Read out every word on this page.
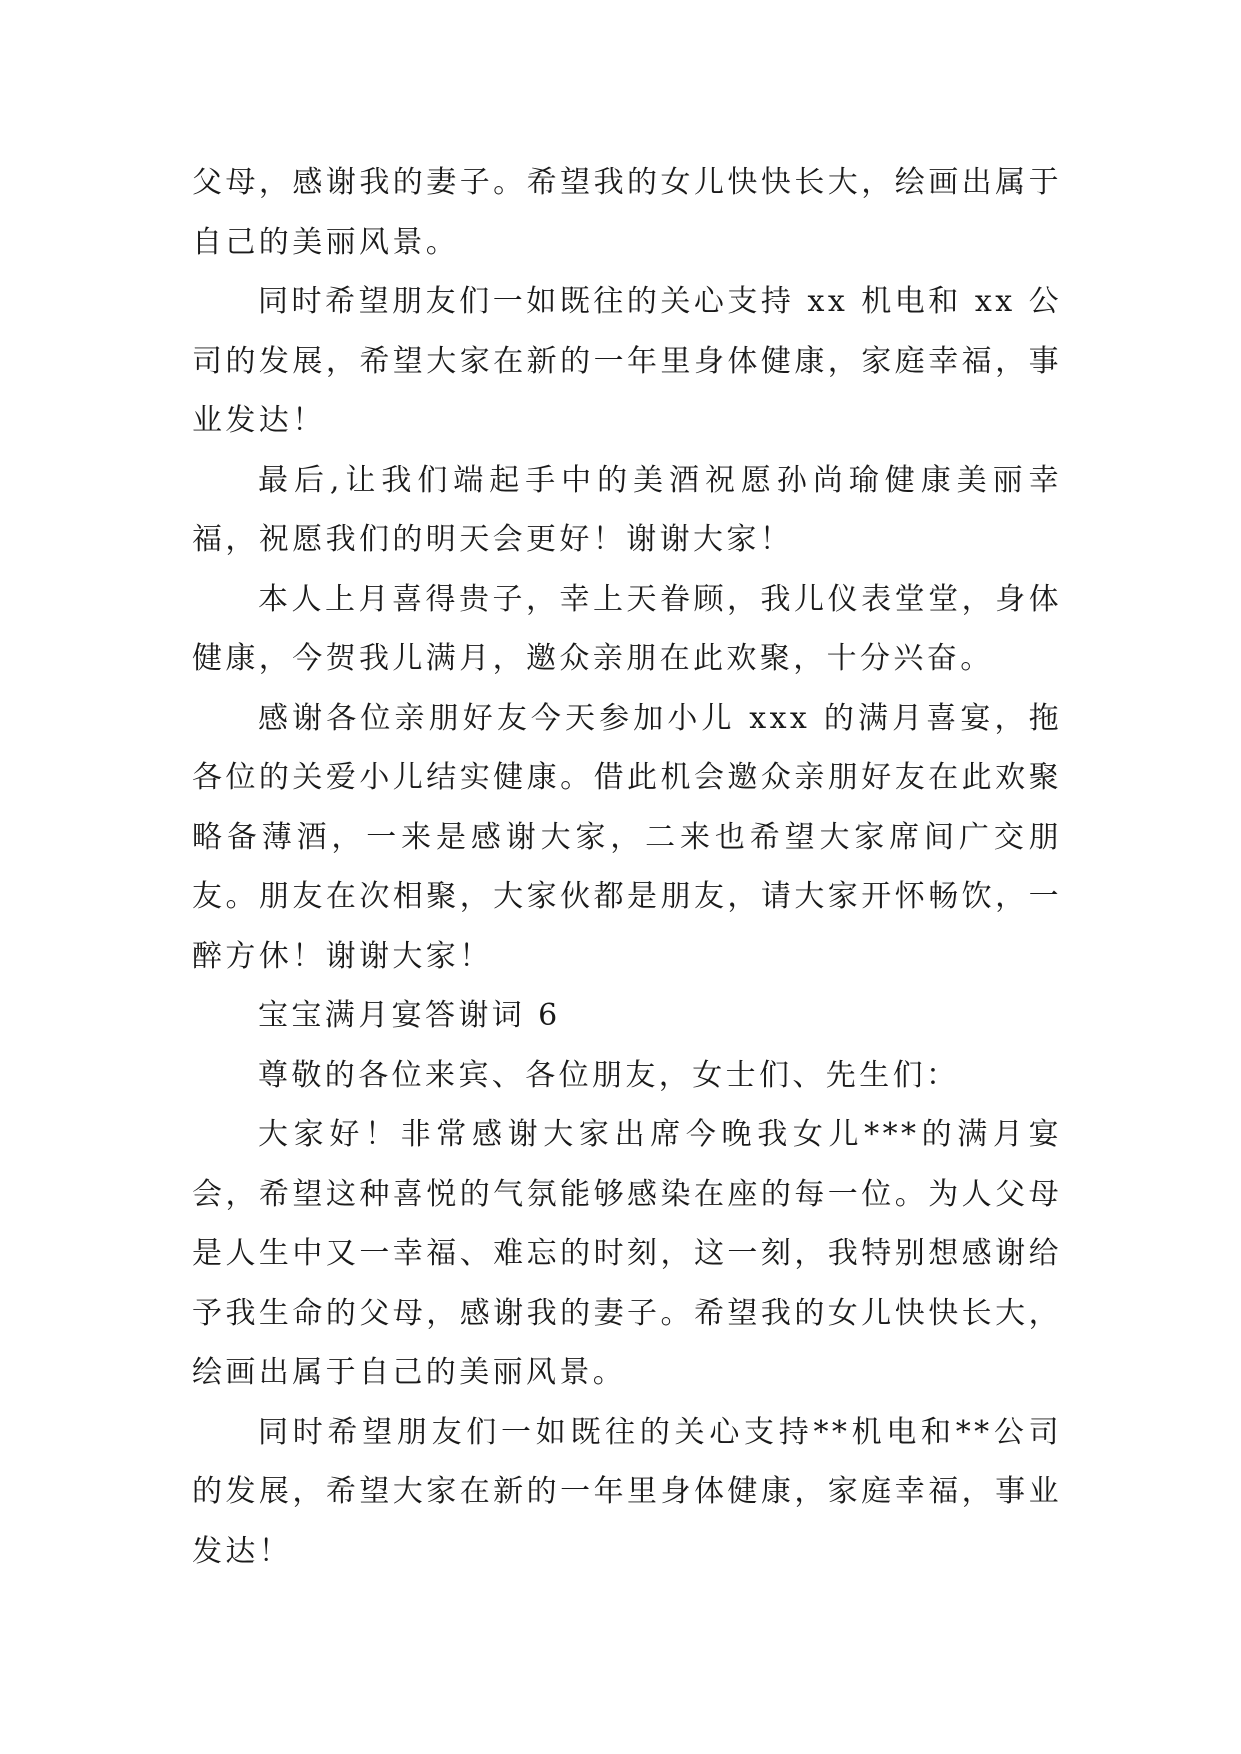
父母，感谢我的妻子。希望我的女儿快快长大，绘画出属于自己的美丽风景。

同时希望朋友们一如既往的关心支持 xx 机电和 xx 公司的发展，希望大家在新的一年里身体健康，家庭幸福，事业发达！

最后,让我们端起手中的美酒祝愿孙尚瑜健康美丽幸福，祝愿我们的明天会更好！谢谢大家！

本人上月喜得贵子，幸上天眷顾，我儿仪表堂堂，身体健康，今贺我儿满月，邀众亲朋在此欢聚，十分兴奋。

感谢各位亲朋好友今天参加小儿 xxx 的满月喜宴，拖各位的关爱小儿结实健康。借此机会邀众亲朋好友在此欢聚略备薄酒，一来是感谢大家，二来也希望大家席间广交朋友。朋友在次相聚，大家伙都是朋友，请大家开怀畅饮，一醉方休！谢谢大家！

宝宝满月宴答谢词 6

尊敬的各位来宾、各位朋友，女士们、先生们：

大家好！非常感谢大家出席今晚我女儿***的满月宴会，希望这种喜悦的气氛能够感染在座的每一位。为人父母是人生中又一幸福、难忘的时刻，这一刻，我特别想感谢给予我生命的父母，感谢我的妻子。希望我的女儿快快长大，绘画出属于自己的美丽风景。

同时希望朋友们一如既往的关心支持**机电和**公司的发展，希望大家在新的一年里身体健康，家庭幸福，事业发达！
